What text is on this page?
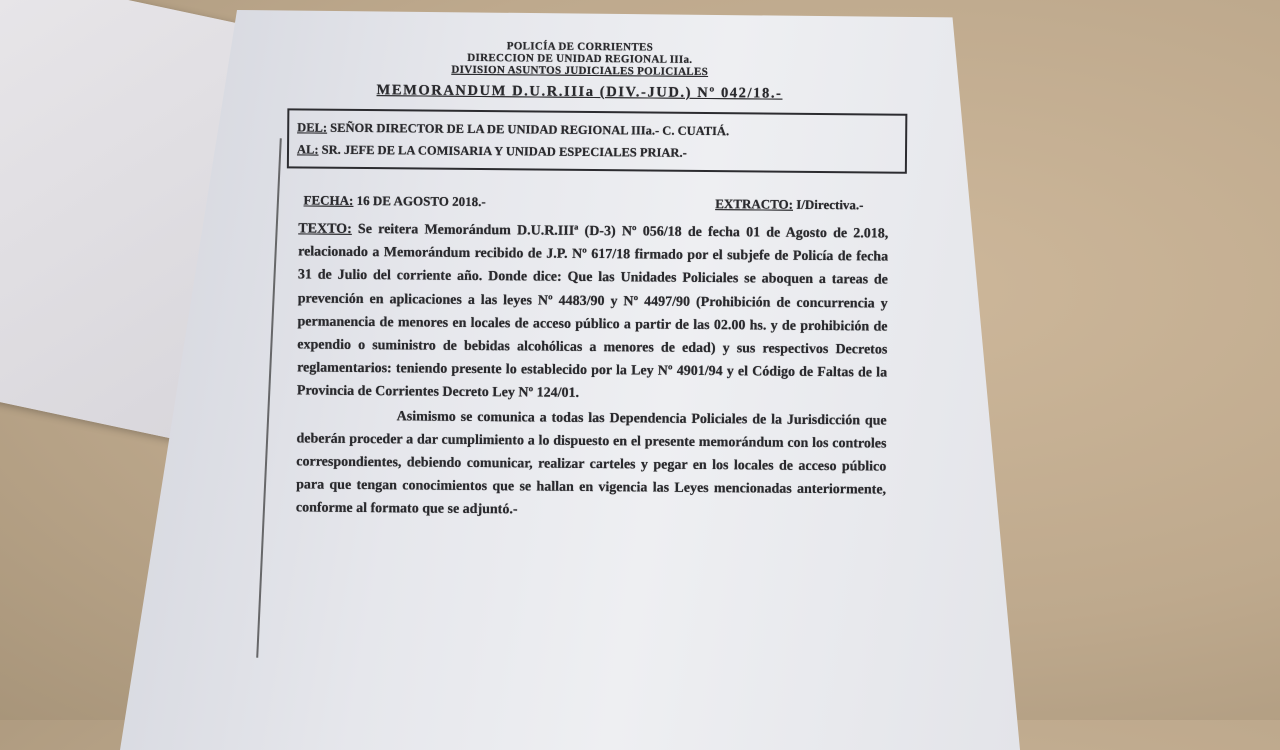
POLICÍA DE CORRIENTES
DIRECCION DE UNIDAD REGIONAL IIIa.
DIVISION ASUNTOS JUDICIALES POLICIALES
MEMORANDUM D.U.R.IIIa (DIV.-JUD.) Nº 042/18.-
DEL: SEÑOR DIRECTOR DE LA DE UNIDAD REGIONAL IIIa.- C. CUATIÁ.
AL: SR. JEFE DE LA COMISARIA Y UNIDAD ESPECIALES PRIAR.-
FECHA: 16 DE AGOSTO 2018.-	EXTRACTO: I/Directiva.-

TEXTO: Se reitera Memorándum D.U.R.IIIª (D-3) Nº 056/18 de fecha 01 de Agosto de 2.018, relacionado a Memorándum recibido de J.P. Nº 617/18 firmado por el subjefe de Policía de fecha 31 de Julio del corriente año. Donde dice: Que las Unidades Policiales se aboquen a tareas de prevención en aplicaciones a las leyes Nº 4483/90 y Nº 4497/90 (Prohibición de concurrencia y permanencia de menores en locales de acceso público a partir de las 02.00 hs. y de prohibición de expendio o suministro de bebidas alcohólicas a menores de edad) y sus respectivos Decretos reglamentarios: teniendo presente lo establecido por la Ley Nº 4901/94 y el Código de Faltas de la Provincia de Corrientes Decreto Ley Nº 124/01.

Asimismo se comunica a todas las Dependencia Policiales de la Jurisdicción que deberán proceder a dar cumplimiento a lo dispuesto en el presente memorándum con los controles correspondientes, debiendo comunicar, realizar carteles y pegar en los locales de acceso público para que tengan conocimientos que se hallan en vigencia las Leyes mencionadas anteriormente, conforme al formato que se adjuntó.-
